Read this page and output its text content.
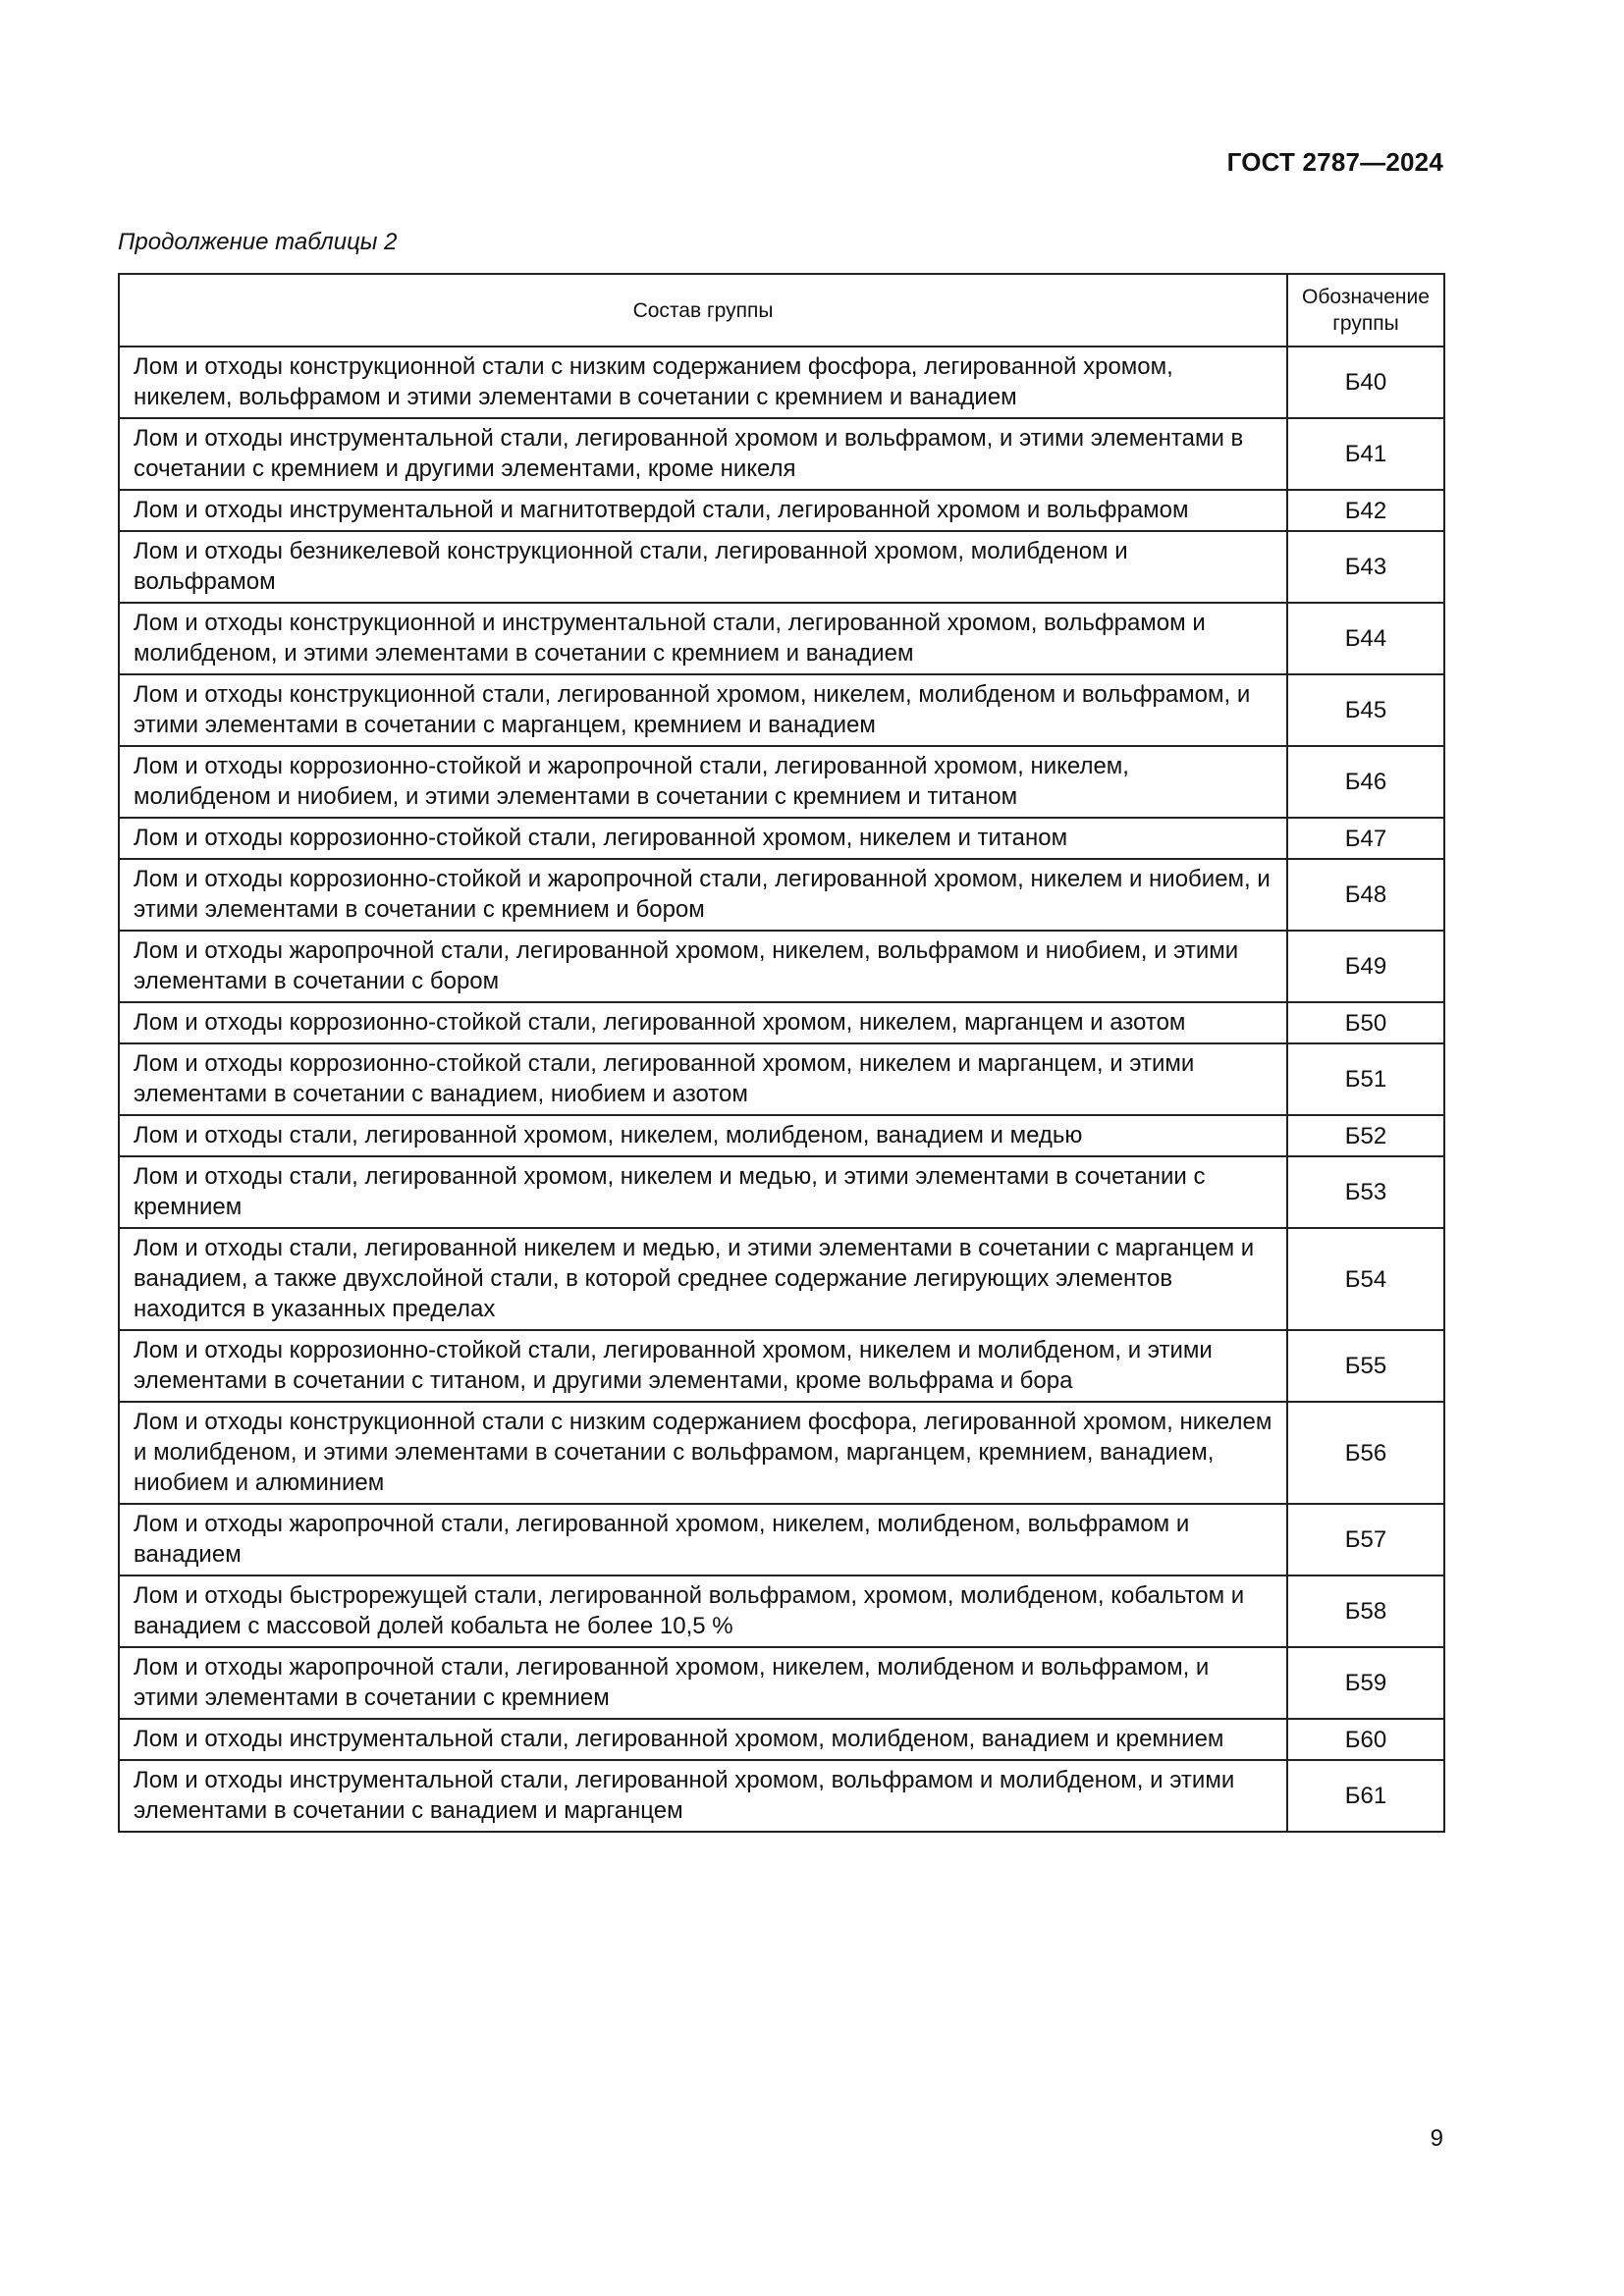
ГОСТ 2787—2024
Продолжение таблицы 2
Состав группы	Обозначение группы
Лом и отходы конструкционной стали с низким содержанием фосфора, легированной хромом, никелем, вольфрамом и этими элементами в сочетании с кремнием и ванадием	Б40
Лом и отходы инструментальной стали, легированной хромом и вольфрамом, и этими элементами в сочетании с кремнием и другими элементами, кроме никеля	Б41
Лом и отходы инструментальной и магнитотвердой стали, легированной хромом и вольфрамом	Б42
Лом и отходы безникелевой конструкционной стали, легированной хромом, молибденом и вольфрамом	Б43
Лом и отходы конструкционной и инструментальной стали, легированной хромом, вольфрамом и молибденом, и этими элементами в сочетании с кремнием и ванадием	Б44
Лом и отходы конструкционной стали, легированной хромом, никелем, молибденом и вольфрамом, и этими элементами в сочетании с марганцем, кремнием и ванадием	Б45
Лом и отходы коррозионно-стойкой и жаропрочной стали, легированной хромом, никелем, молибденом и ниобием, и этими элементами в сочетании с кремнием и титаном	Б46
Лом и отходы коррозионно-стойкой стали, легированной хромом, никелем и титаном	Б47
Лом и отходы коррозионно-стойкой и жаропрочной стали, легированной хромом, никелем и ниобием, и этими элементами в сочетании с кремнием и бором	Б48
Лом и отходы жаропрочной стали, легированной хромом, никелем, вольфрамом и ниобием, и этими элементами в сочетании с бором	Б49
Лом и отходы коррозионно-стойкой стали, легированной хромом, никелем, марганцем и азотом	Б50
Лом и отходы коррозионно-стойкой стали, легированной хромом, никелем и марганцем, и этими элементами в сочетании с ванадием, ниобием и азотом	Б51
Лом и отходы стали, легированной хромом, никелем, молибденом, ванадием и медью	Б52
Лом и отходы стали, легированной хромом, никелем и медью, и этими элементами в сочетании с кремнием	Б53
Лом и отходы стали, легированной никелем и медью, и этими элементами в сочетании с марганцем и ванадием, а также двухслойной стали, в которой среднее содержание легирующих элементов находится в указанных пределах	Б54
Лом и отходы коррозионно-стойкой стали, легированной хромом, никелем и молибденом, и этими элементами в сочетании с титаном, и другими элементами, кроме вольфрама и бора	Б55
Лом и отходы конструкционной стали с низким содержанием фосфора, легированной хромом, никелем и молибденом, и этими элементами в сочетании с вольфрамом, марганцем, кремнием, ванадием, ниобием и алюминием	Б56
Лом и отходы жаропрочной стали, легированной хромом, никелем, молибденом, вольфрамом и ванадием	Б57
Лом и отходы быстрорежущей стали, легированной вольфрамом, хромом, молибденом, кобальтом и ванадием с массовой долей кобальта не более 10,5 %	Б58
Лом и отходы жаропрочной стали, легированной хромом, никелем, молибденом и вольфрамом, и этими элементами в сочетании с кремнием	Б59
Лом и отходы инструментальной стали, легированной хромом, молибденом, ванадием и кремнием	Б60
Лом и отходы инструментальной стали, легированной хромом, вольфрамом и молибденом, и этими элементами в сочетании с ванадием и марганцем	Б61
9
